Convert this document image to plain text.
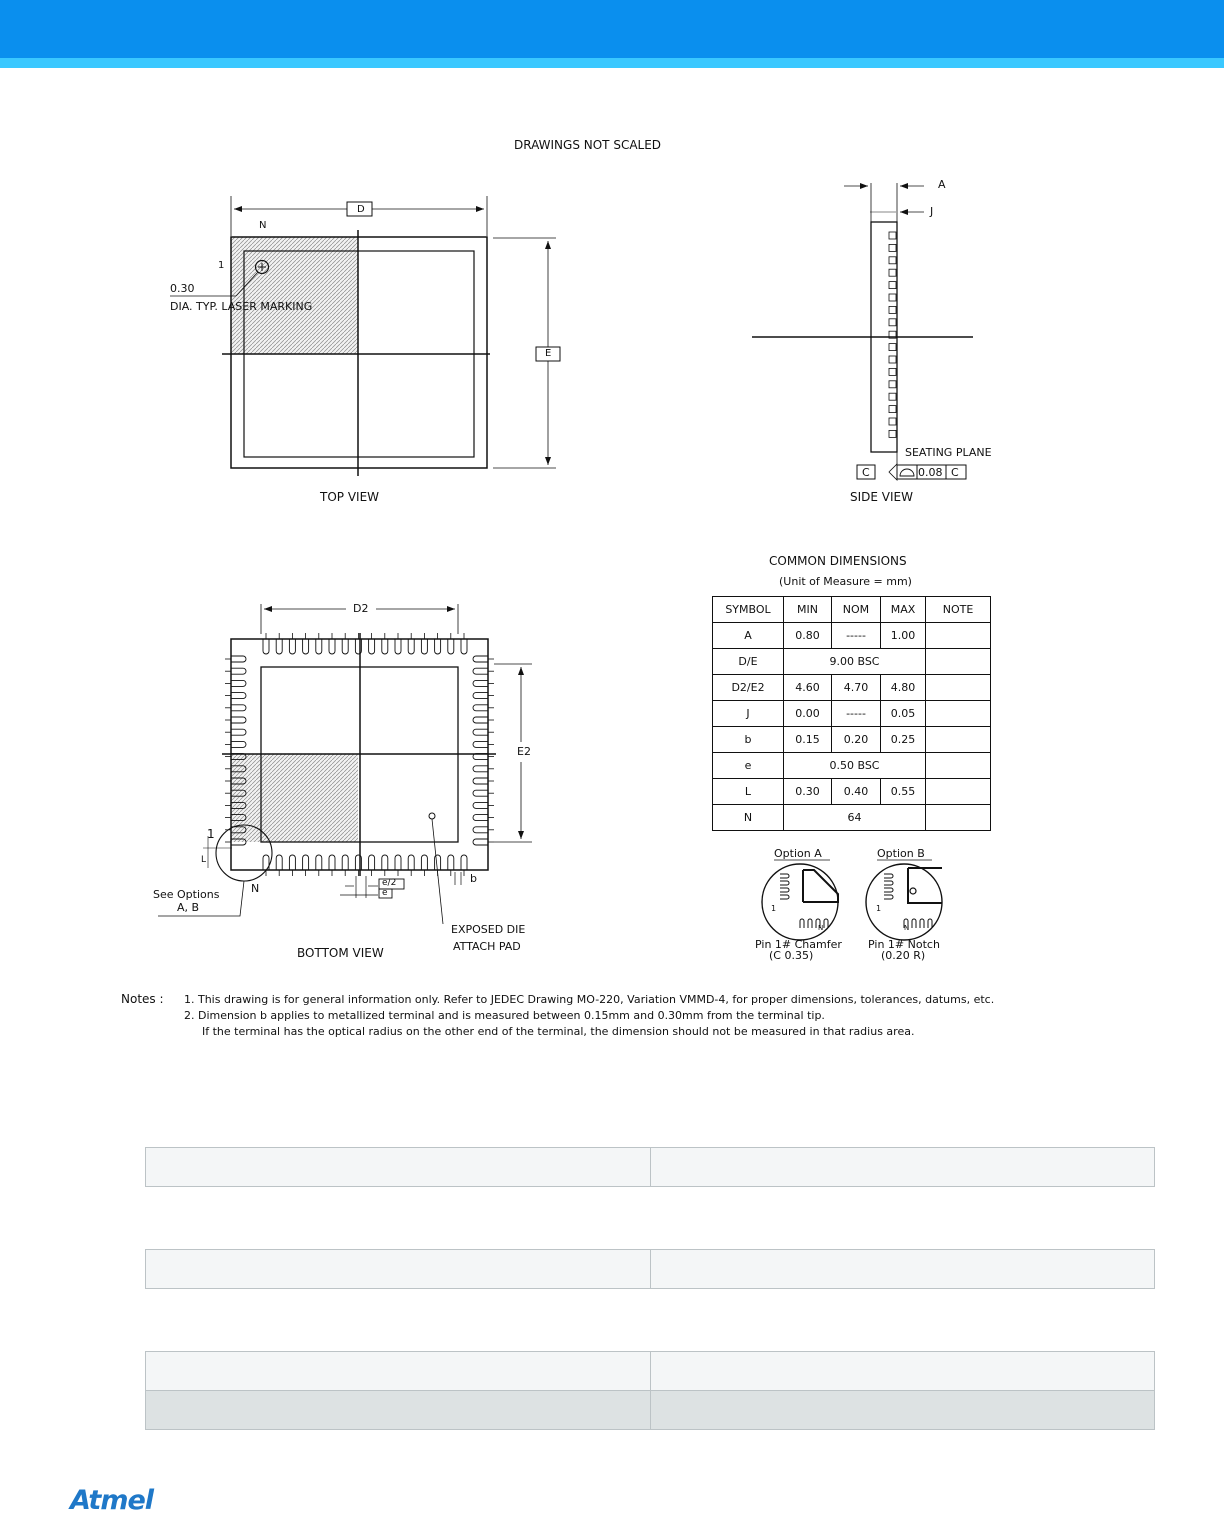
DRAWINGS NOT SCALED
D
E
N
1
0.30
DIA. TYP. LASER MARKING
TOP VIEW
A
J
SEATING PLANE
C	0.08 C
SIDE VIEW
D2
E2
1
L
N
See Options
A, B
e/2
e
b
EXPOSED DIE
ATTACH PAD
BOTTOM VIEW
COMMON DIMENSIONS
(Unit of Measure = mm)
SYMBOL	MIN	NOM	MAX	NOTE
A	0.80	-----	1.00	
D/E	9.00 BSC			
D2/E2	4.60	4.70	4.80	
J	0.00	-----	0.05	
b	0.15	0.20	0.25	
e	0.50 BSC			
L	0.30	0.40	0.55	
N	64			
Option A	Option B
1
N
1
N
Pin 1# Chamfer
(C 0.35)
Pin 1# Notch
(0.20 R)
Notes : 1. This drawing is for general information only. Refer to JEDEC Drawing MO-220, Variation VMMD-4, for proper dimensions, tolerances, datums, etc.
2. Dimension b applies to metallized terminal and is measured between 0.15mm and 0.30mm from the terminal tip.
If the terminal has the optical radius on the other end of the terminal, the dimension should not be measured in that radius area.

Atmel
